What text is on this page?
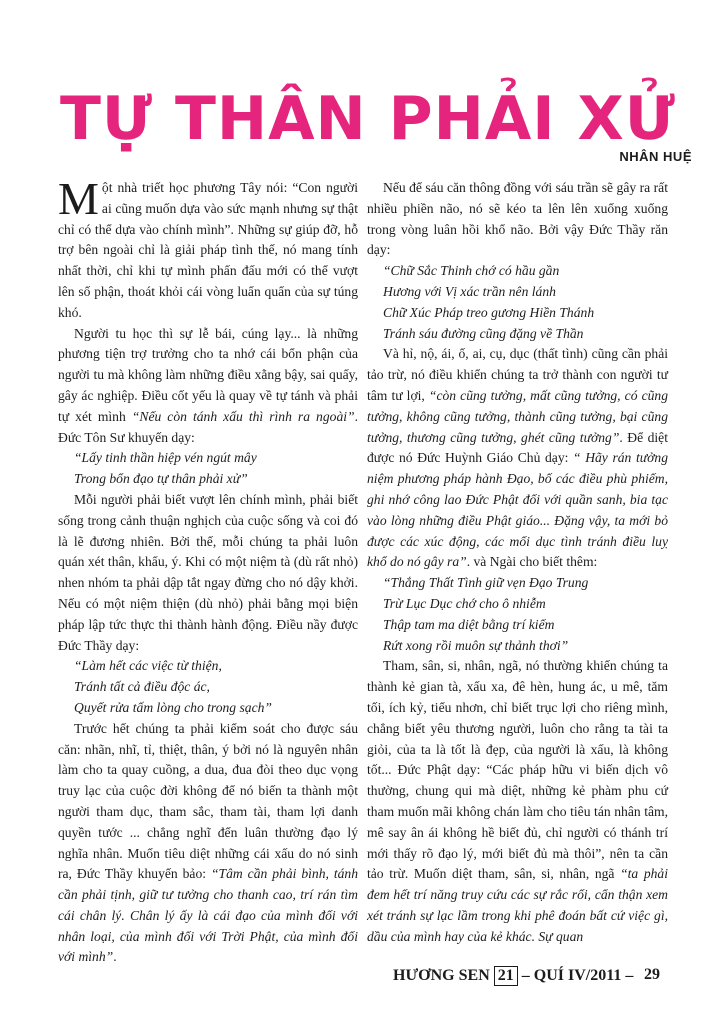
TỰ THÂN PHẢI XỬ
NHÂN HUỆ

Một nhà triết học phương Tây nói: “Con người ai cũng muốn dựa vào sức mạnh nhưng sự thật chỉ có thể dựa vào chính mình”. Những sự giúp đỡ, hỗ trợ bên ngoài chỉ là giải pháp tình thế, nó mang tính nhất thời, chỉ khi tự mình phấn đấu mới có thể vượt lên số phận, thoát khỏi cái vòng luẩn quẩn của sự túng khó.

Người tu học thì sự lễ bái, cúng lạy... là những phương tiện trợ trưởng cho ta nhớ cái bổn phận của người tu mà không làm những điều xằng bậy, sai quấy, gây ác nghiệp. Điều cốt yếu là quay về tự tánh và phải tự xét mình “Nếu còn tánh xấu thì rình ra ngoài”. Đức Tôn Sư khuyến dạy:

“Lấy tinh thần hiệp vén ngút mây

Trong bổn đạo tự thân phải xử”

Mỗi người phải biết vượt lên chính mình, phải biết sống trong cảnh thuận nghịch của cuộc sống và coi đó là lẽ đương nhiên. Bởi thế, mỗi chúng ta phải luôn quán xét thân, khẩu, ý. Khi có một niệm tà (dù rất nhỏ) nhen nhóm ta phải dập tắt ngay đừng cho nó dậy khởi. Nếu có một niệm thiện (dù nhỏ) phải bằng mọi biện pháp lập tức thực thi thành hành động. Điều nầy được Đức Thầy dạy:

“Làm hết các việc từ thiện,

Tránh tất cả điều độc ác,

Quyết rửa tấm lòng cho trong sạch”

Trước hết chúng ta phải kiểm soát cho được sáu căn: nhãn, nhĩ, tỉ, thiệt, thân, ý bởi nó là nguyên nhân làm cho ta quay cuồng, a dua, đua đòi theo dục vọng truy lạc của cuộc đời không để nó biến ta thành một người tham dục, tham sắc, tham tài, tham lợi danh quyền tước ... chẳng nghĩ đến luân thường đạo lý nghĩa nhân. Muốn tiêu diệt những cái xấu do nó sinh ra, Đức Thầy khuyến bảo: “Tâm cần phải bình, tánh cần phải tịnh, giữ tư tưởng cho thanh cao, trí rán tìm cái chân lý. Chân lý ấy là cái đạo của mình đối với nhân loại, của mình đối với Trời Phật, của mình đối với mình”.

Nếu để sáu căn thông đồng với sáu trần sẽ gây ra rất nhiều phiền não, nó sẽ kéo ta lên lên xuống xuống trong vòng luân hồi khổ não. Bởi vậy Đức Thầy răn dạy:

“Chữ Sắc Thinh chớ có hầu gần

Hương với Vị xác trần nên lánh

Chữ Xúc Pháp treo gương Hiền Thánh

Tránh sáu đường cũng đặng về Thần

Và hỉ, nộ, ái, ố, ai, cụ, dục (thất tình) cũng cần phải tảo trừ, nó điều khiển chúng ta trở thành con người tư tâm tư lợi, “còn cũng tưởng, mất cũng tưởng, có cũng tưởng, không cũng tưởng, thành cũng tưởng, bại cũng tưởng, thương cũng tưởng, ghét cũng tưởng”. Để diệt được nó Đức Huỳnh Giáo Chủ dạy: “ Hãy rán tưởng niệm phương pháp hành Đạo, bố các điều phù phiếm, ghi nhớ công lao Đức Phật đối với quần sanh, bia tạc vào lòng những điều Phật giáo... Đặng vậy, ta mới bỏ được các xúc động, các mối dục tình tránh điều luỵ khổ do nó gây ra”. và Ngài cho biết thêm:

“Thắng Thất Tình giữ vẹn Đạo Trung

Trừ Lục Dục chớ cho ô nhiễm

Thập tam ma diệt bằng trí kiếm

Rứt xong rồi muôn sự thảnh thơi”

Tham, sân, si, nhân, ngã, nó thường khiến chúng ta thành kẻ gian tà, xấu xa, đê hèn, hung ác, u mê, tăm tối, ích kỷ, tiểu nhơn, chỉ biết trục lợi cho riêng mình, chẳng biết yêu thương người, luôn cho rằng ta tài ta giỏi, của ta là tốt là đẹp, của người là xấu, là không tốt... Đức Phật dạy: “Các pháp hữu vi biến dịch vô thường, chung qui mà diệt, những kẻ phàm phu cứ tham muốn mãi không chán làm cho tiêu tán nhân tâm, mê say ân ái không hề biết đủ, chỉ người có thánh trí mới thấy rõ đạo lý, mới biết đủ mà thôi”, nên ta cần tảo trừ. Muốn diệt tham, sân, si, nhân, ngã “ta phải đem hết trí năng truy cứu các sự rắc rối, cẩn thận xem xét tránh sự lạc lầm trong khi phê đoán bất cứ việc gì, dầu của mình hay của kẻ khác. Sự quan

HƯƠNG SEN 21 – QUÍ IV/2011 – 29
